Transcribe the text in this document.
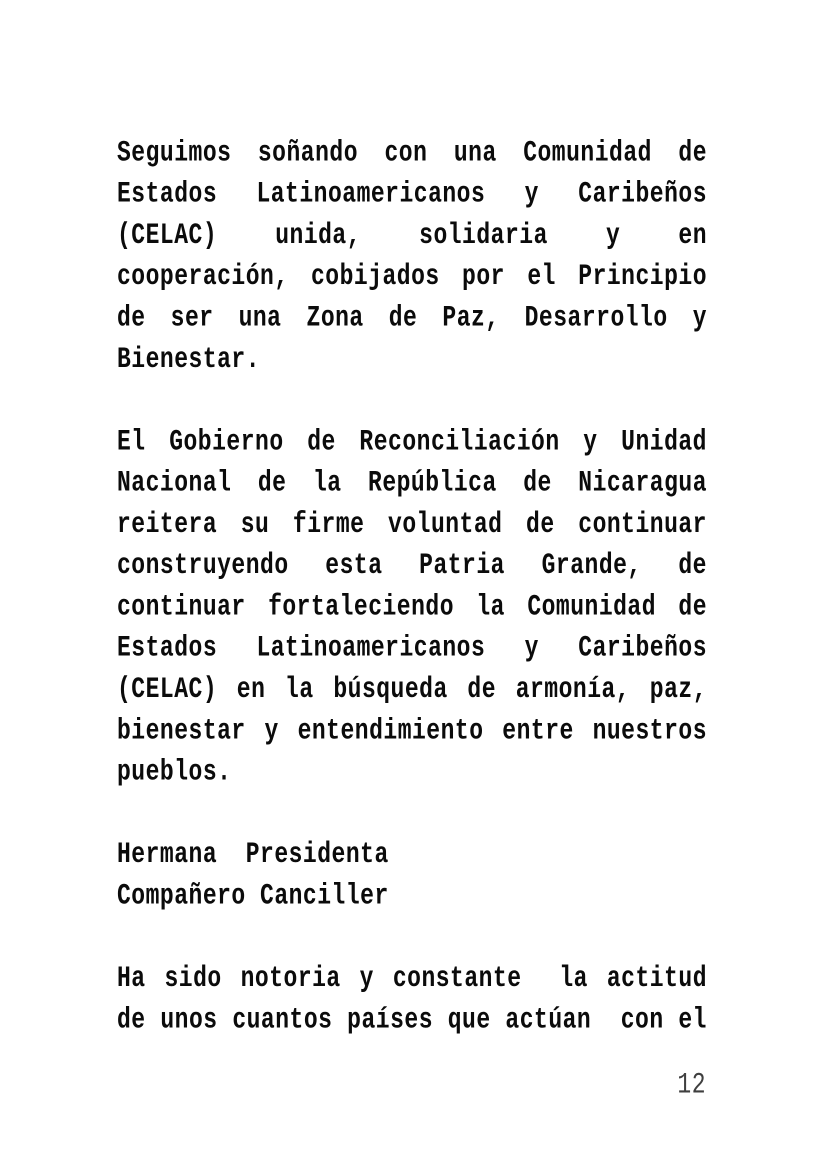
Seguimos soñando con una Comunidad de
Estados Latinoamericanos y Caribeños
(CELAC) unida, solidaria y en
cooperación, cobijados por el Principio
de ser una Zona de Paz, Desarrollo y
Bienestar.
El Gobierno de Reconciliación y Unidad
Nacional de la República de Nicaragua
reitera su firme voluntad de continuar
construyendo esta Patria Grande, de
continuar fortaleciendo la Comunidad de
Estados Latinoamericanos y Caribeños
(CELAC) en la búsqueda de armonía, paz,
bienestar y entendimiento entre nuestros
pueblos.
Hermana  Presidenta
Compañero Canciller
Ha sido notoria y constante  la actitud
de unos cuantos países que actúan  con el
12
